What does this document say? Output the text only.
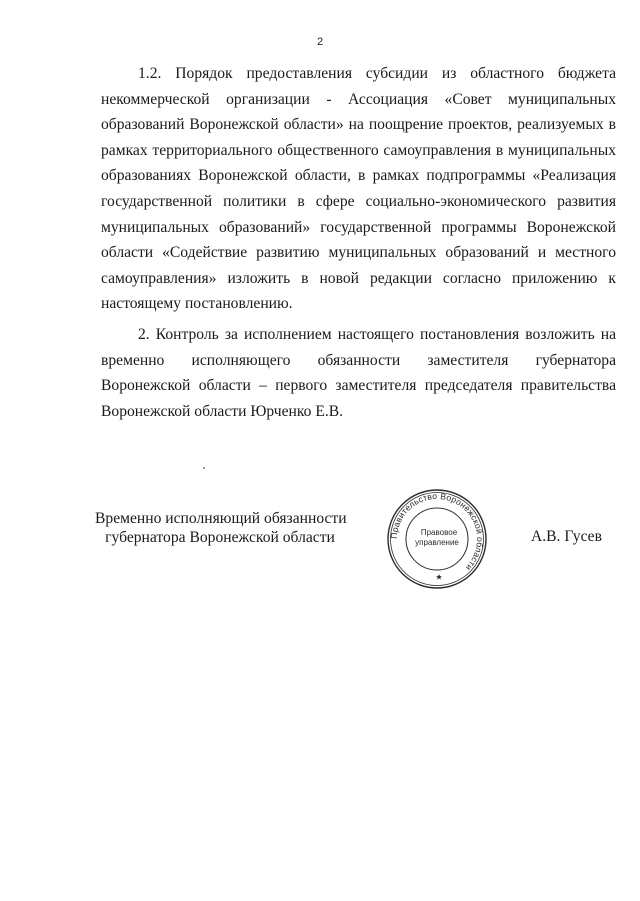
2

1.2. Порядок предоставления субсидии из областного бюджета некоммерческой организации - Ассоциация «Совет муниципальных образований Воронежской области» на поощрение проектов, реализуемых в рамках территориального общественного самоуправления в муниципальных образованиях Воронежской области, в рамках подпрограммы «Реализация государственной политики в сфере социально-экономического развития муниципальных образований» государственной программы Воронежской области «Содействие развитию муниципальных образований и местного самоуправления» изложить в новой редакции согласно приложению к настоящему постановлению.

2. Контроль за исполнением настоящего постановления возложить на временно исполняющего обязанности заместителя губернатора Воронежской области – первого заместителя председателя правительства Воронежской области Юрченко Е.В.

Временно исполняющий обязанности
губернатора Воронежской области	Правительство Воронежской области
Правовое
управление	А.В. Гусев
